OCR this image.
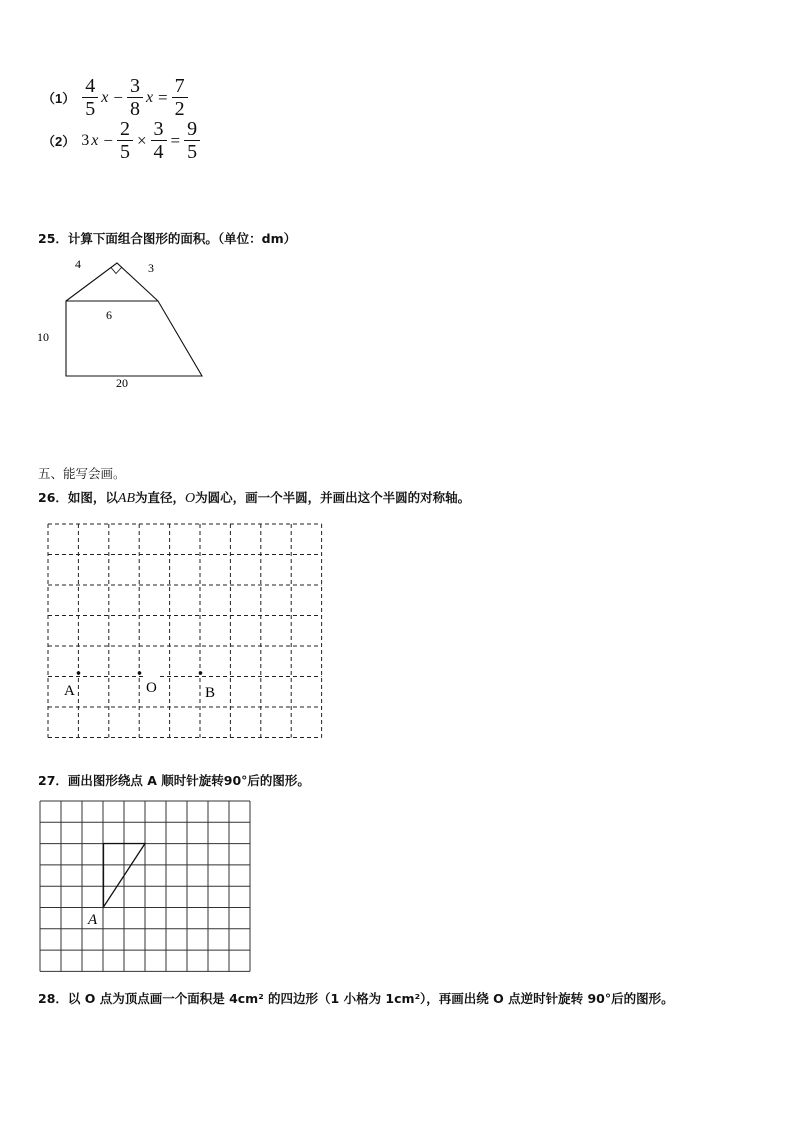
$(1) \frac{4}{5}$ $x - \frac{3}{8}$ $x = \frac{7}{2}$
（2） 3 $x - \frac{2}{5} \times \frac{3}{4} = \frac{9}{5}$
25．计算下面组合图形的面积。（单位：dm）
4	3
6
10
20
五、能写会画。
26．如图，以AB为直径，O为圆心，画一个半圆，并画出这个半圆的对称轴。
A	O	B
27．画出图形绕点 A 顺时针旋转90°后的图形。
A
28．以 O 点为顶点画一个面积是 4cm² 的四边形（1 小格为 1cm²），再画出绕 O 点逆时针旋转 90°后的图形。
